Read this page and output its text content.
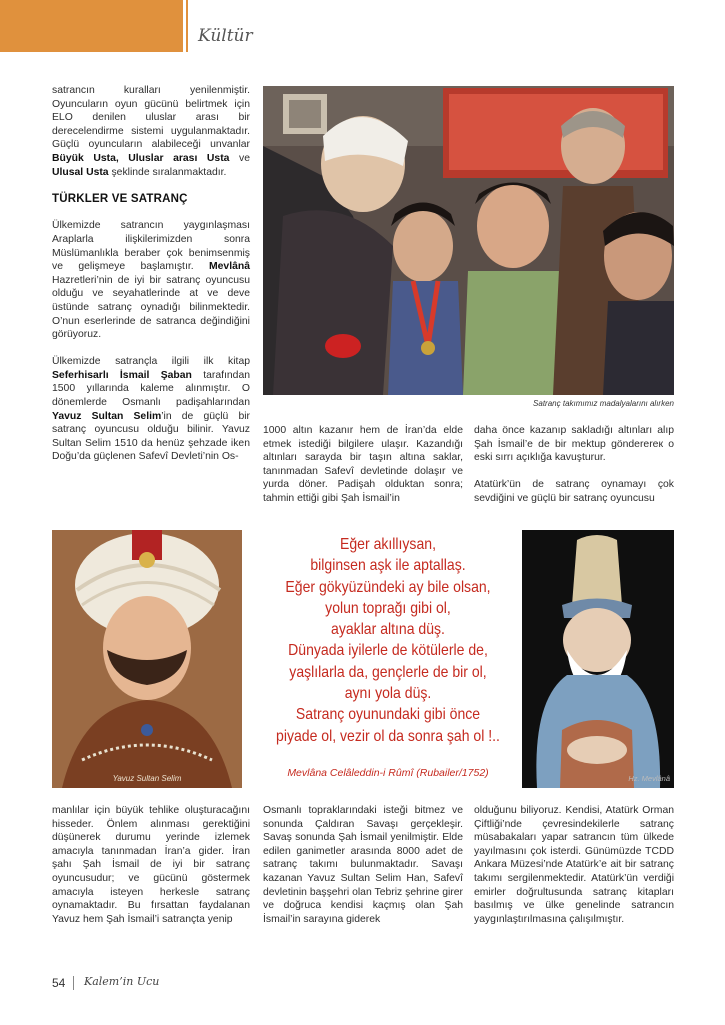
Kültür

satrancın kuralları yenilenmiştir. Oyuncuların oyun gücünü belirtmek için ELO denilen uluslar arası bir derecelendirme sistemi uygulanmaktadır. Güçlü oyuncuların alabileceği unvanlar Büyük Usta, Uluslar arası Usta ve Ulusal Usta şeklinde sıralanmaktadır.

TÜRKLER VE SATRANÇ

Ülkemizde satrancın yaygınlaşması Araplarla ilişkilerimizden sonra Müslümanlıkla beraber çok benimsenmiş ve gelişmeye başlamıştır. Mevlânâ Hazretleri’nin de iyi bir satranç oyuncusu olduğu ve seyahatlerinde at ve deve üstünde satranç oynadığı bilinmektedir. O’nun eserlerinde de satranca değindiğini görüyoruz.

Ülkemizde satrançla ilgili ilk kitap Seferhisarlı İsmail Şaban tarafından 1500 yıllarında kaleme alınmıştır. O dönemlerde Osmanlı padişahlarından Yavuz Sultan Selim’in de güçlü bir satranç oyuncusu olduğu bilinir. Yavuz Sultan Selim 1510 da henüz şehzade iken Doğu’da güçlenen Safevî Devleti’nin Os-

Satranç takımımız madalyalarını alırken

1000 altın kazanır hem de İran’da elde etmek istediği bilgilere ulaşır. Kazandığı altınları sarayda bir taşın altına saklar, tanınmadan Safevî devletinde dolaşır ve yurda döner. Padişah olduktan sonra; tahmin ettiği gibi Şah İsmail’in

daha önce kazanıp sakladığı altınları alıp Şah İsmail’e de bir mektup gönderereк o eski sırrı açıklığa kavuşturur.

Atatürk’ün de satranç oynamayı çok sevdiğini ve güçlü bir satranç oyuncusu

Yavuz Sultan Selim
Eğer akıllıysan,
bilginsen aşk ile aptallaş.
Eğer gökyüzündeki ay bile olsan,
yolun toprağı gibi ol,
ayaklar altına düş.
Dünyada iyilerle de kötülerle de,
yaşlılarla da, gençlerle de bir ol,
aynı yola düş.
Satranç oyunundaki gibi önce
piyade ol, vezir ol da sonra şah ol !..
Mevlâna Celâleddin-i Rûmî (Rubailer/1752)	Hz. Mevlânâ

manlılar için büyük tehlike oluşturacağını hisseder. Önlem alınması gerektiğini düşünerek durumu yerinde izlemek amacıyla tanınmadan İran’a gider. İran şahı Şah İsmail de iyi bir satranç oyuncusudur; ve gücünü göstermek amacıyla isteyen herkesle satranç oynamaktadır. Bu fırsattan faydalanan Yavuz hem Şah İsmail’i satrançta yenip

Osmanlı topraklarındaki isteği bitmez ve sonunda Çaldıran Savaşı gerçekleşir. Savaş sonunda Şah İsmail yenilmiştir. Elde edilen ganimetler arasında 8000 adet de satranç takımı bulunmaktadır. Savaşı kazanan Yavuz Sultan Selim Han, Safevî devletinin başşehri olan Tebriz şehrine girer ve doğruca kendisi kaçmış olan Şah İsmail’in sarayına giderek

olduğunu biliyoruz. Kendisi, Atatürk Orman Çiftliği’nde çevresindekilerle satranç müsabakaları yapar satrancın tüm ülkede yayılmasını çok isterdi. Günümüzde TCDD Ankara Müzesi’nde Atatürk’e ait bir satranç takımı sergilenmektedir. Atatürk’ün verdiği emirler doğrultusunda satranç kitapları basılmış ve ülke genelinde satrancın yaygınlaştırılmasına çalışılmıştır.

54 Kalem’in Ucu
